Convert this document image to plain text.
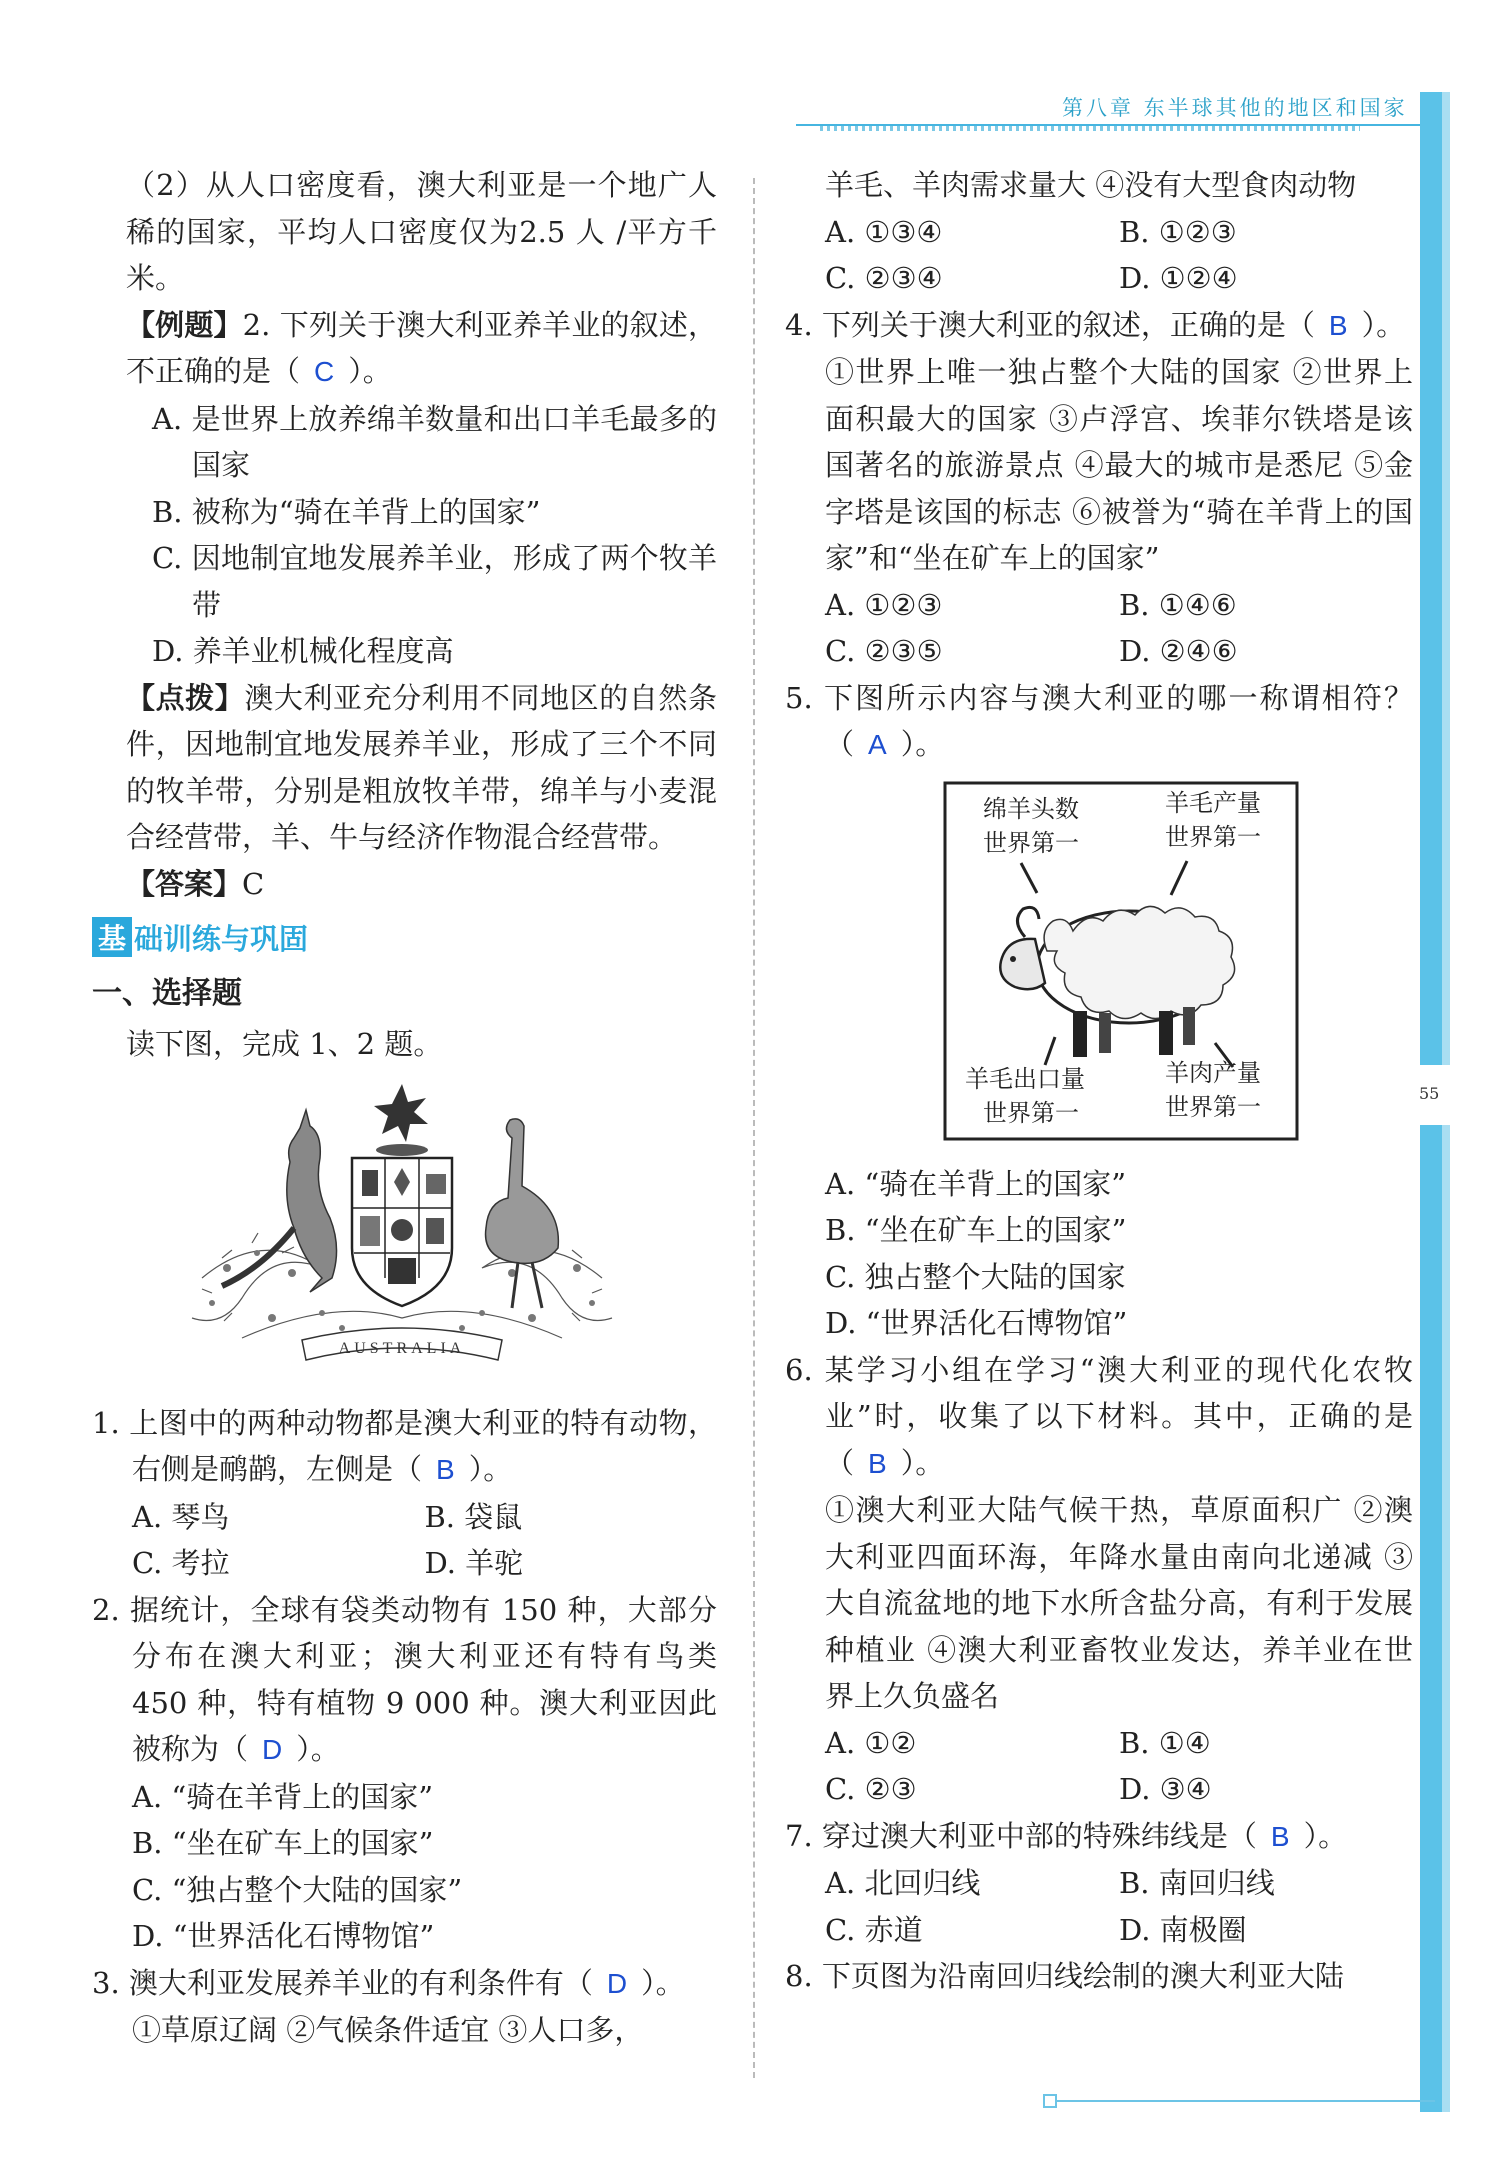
第八章 东半球其他的地区和国家
55

（2）从人口密度看，澳大利亚是一个地广人稀的国家，平均人口密度仅为2.5 人 /平方千米。

【例题】2. 下列关于澳大利亚养羊业的叙述，不正确的是（ C ）。

A. 是世界上放养绵羊数量和出口羊毛最多的国家

B. 被称为“骑在羊背上的国家”

C. 因地制宜地发展养羊业，形成了两个牧羊带

D. 养羊业机械化程度高

【点拨】澳大利亚充分利用不同地区的自然条件，因地制宜地发展养羊业，形成了三个不同的牧羊带，分别是粗放牧羊带，绵羊与小麦混合经营带，羊、牛与经济作物混合经营带。

【答案】C

基 础训练与巩固

一、选择题

读下图，完成 1、2 题。

AUSTRALIA

1. 上图中的两种动物都是澳大利亚的特有动物，右侧是鸸鹋，左侧是（ B ）。

A. 琴鸟	B. 袋鼠
C. 考拉	D. 羊驼

2. 据统计，全球有袋类动物有 150 种，大部分分布在澳大利亚；澳大利亚还有特有鸟类 450 种，特有植物 9 000 种。澳大利亚因此被称为（ D ）。

A. “骑在羊背上的国家”

B. “坐在矿车上的国家”

C. “独占整个大陆的国家”

D. “世界活化石博物馆”

3. 澳大利亚发展养羊业的有利条件有（ D ）。

①草原辽阔 ②气候条件适宜 ③人口多，

羊毛、羊肉需求量大 ④没有大型食肉动物

A. ①③④	B. ①②③
C. ②③④	D. ①②④

4. 下列关于澳大利亚的叙述，正确的是（ B ）。

①世界上唯一独占整个大陆的国家 ②世界上面积最大的国家 ③卢浮宫、埃菲尔铁塔是该国著名的旅游景点 ④最大的城市是悉尼 ⑤金字塔是该国的标志 ⑥被誉为“骑在羊背上的国家”和“坐在矿车上的国家”

A. ①②③	B. ①④⑥
C. ②③⑤	D. ②④⑥

5. 下图所示内容与澳大利亚的哪一称谓相符？（ A ）。

绵羊头数
世界第一
羊毛产量
世界第一
羊毛出口量
世界第一
羊肉产量
世界第一

A. “骑在羊背上的国家”

B. “坐在矿车上的国家”

C. 独占整个大陆的国家

D. “世界活化石博物馆”

6. 某学习小组在学习“澳大利亚的现代化农牧业”时，收集了以下材料。其中，正确的是（ B ）。

①澳大利亚大陆气候干热，草原面积广 ②澳大利亚四面环海，年降水量由南向北递减 ③大自流盆地的地下水所含盐分高，有利于发展种植业 ④澳大利亚畜牧业发达，养羊业在世界上久负盛名

A. ①②	B. ①④
C. ②③	D. ③④

7. 穿过澳大利亚中部的特殊纬线是（ B ）。

A. 北回归线	B. 南回归线
C. 赤道	D. 南极圈

8. 下页图为沿南回归线绘制的澳大利亚大陆
